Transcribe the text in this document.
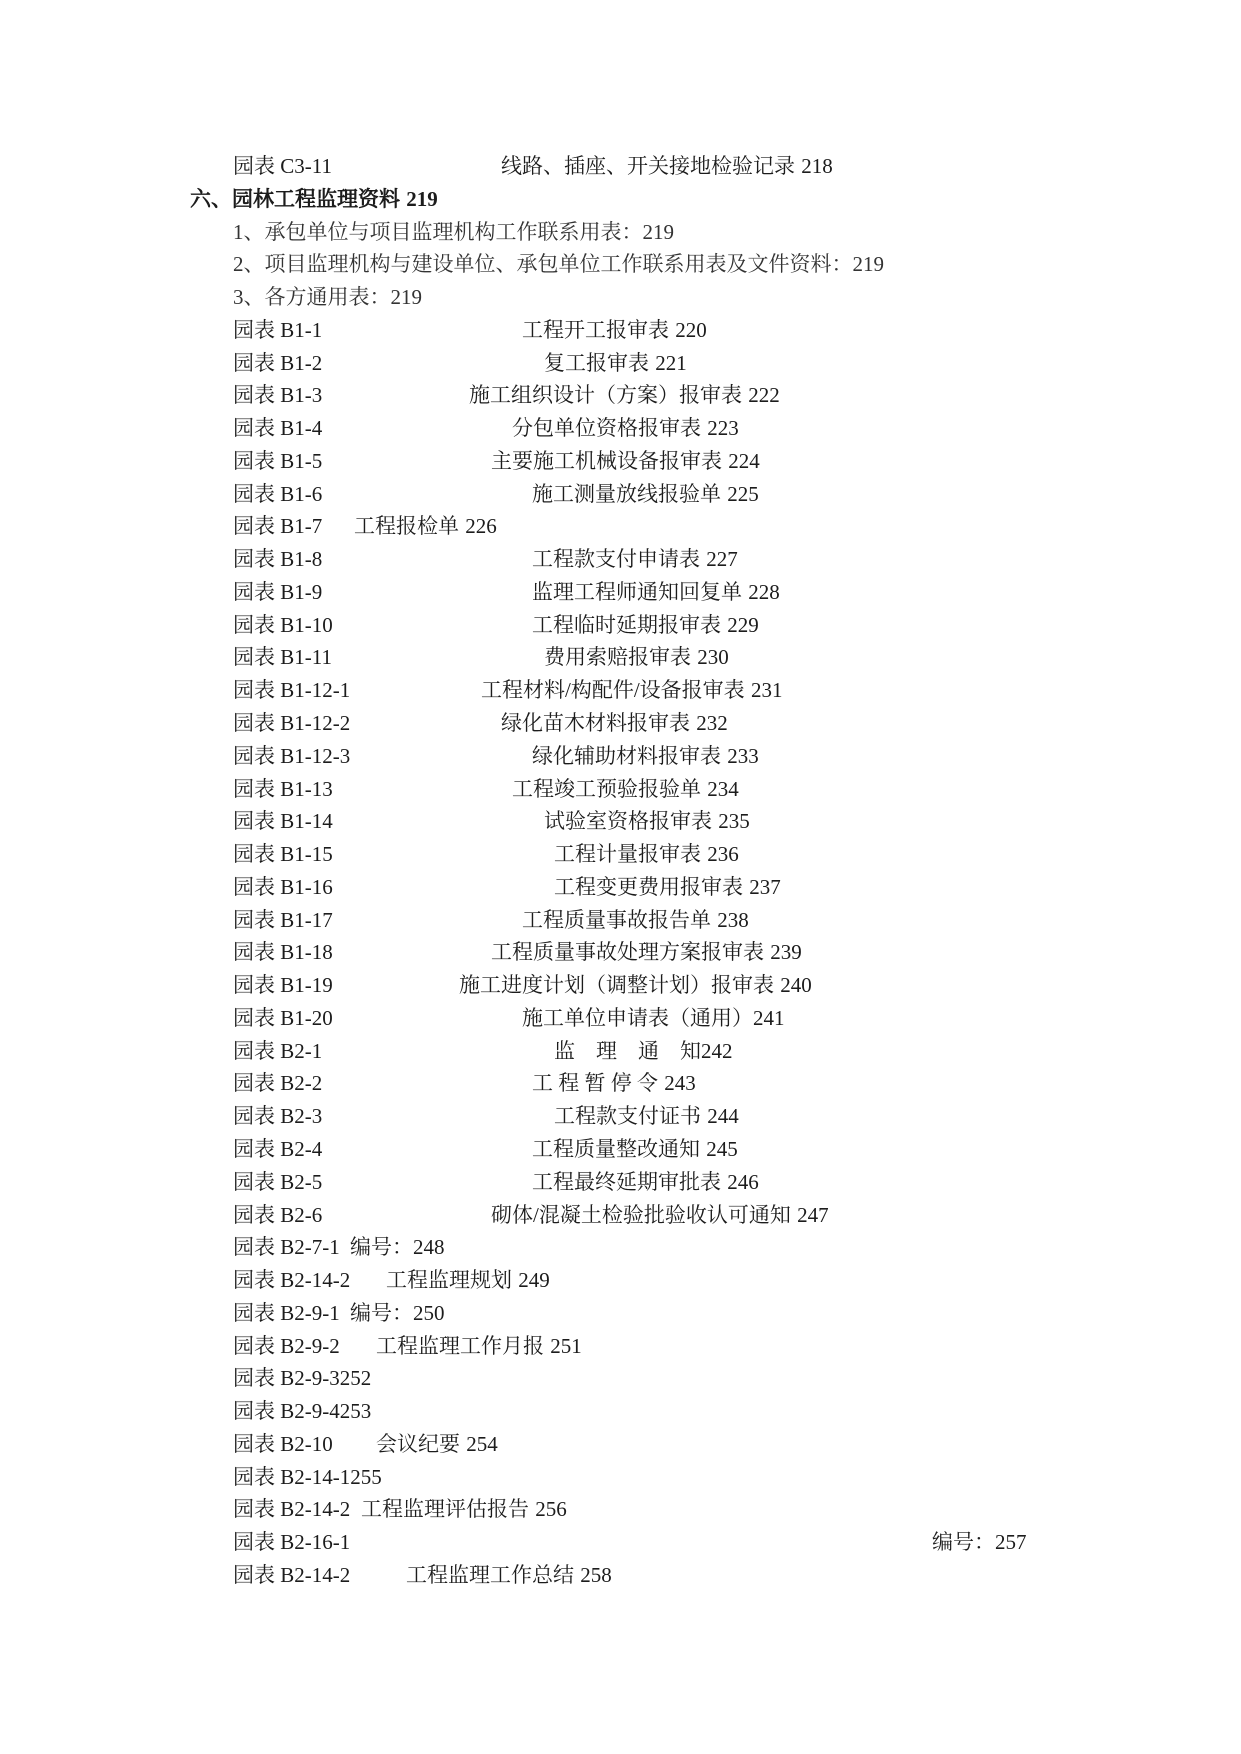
园表 C3-11	线路、插座、开关接地检验记录 218
六、园林工程监理资料 219
1、承包单位与项目监理机构工作联系用表： 219
2、项目监理机构与建设单位、承包单位工作联系用表及文件资料： 219
3、各方通用表： 219
园表 B1-1	工程开工报审表 220
园表 B1-2	复工报审表 221
园表 B1-3	施工组织设计（方案）报审表 222
园表 B1-4	分包单位资格报审表 223
园表 B1-5	主要施工机械设备报审表 224
园表 B1-6	施工测量放线报验单 225
园表 B1-7 工程报检单 226
园表 B1-8	工程款支付申请表 227
园表 B1-9	监理工程师通知回复单 228
园表 B1-10	工程临时延期报审表 229
园表 B1-11	费用索赔报审表 230
园表 B1-12-1	工程材料/构配件/设备报审表 231
园表 B1-12-2	绿化苗木材料报审表 232
园表 B1-12-3	绿化辅助材料报审表 233
园表 B1-13	工程竣工预验报验单 234
园表 B1-14	试验室资格报审表 235
园表 B1-15	工程计量报审表 236
园表 B1-16	工程变更费用报审表 237
园表 B1-17	工程质量事故报告单 238
园表 B1-18	工程质量事故处理方案报审表 239
园表 B1-19	施工进度计划（调整计划）报审表 240
园表 B1-20	施工单位申请表（通用） 241
园表 B2-1	监　理　通　知 242
园表 B2-2	工 程 暂 停 令 243
园表 B2-3	工程款支付证书 244
园表 B2-4	工程质量整改通知 245
园表 B2-5	工程最终延期审批表 246
园表 B2-6	砌体/混凝土检验批验收认可通知 247
园表 B2-7-1 编号： 248
园表 B2-14-2 工程监理规划 249
园表 B2-9-1 编号： 250
园表 B2-9-2 工程监理工作月报 251
园表 B2-9-3 252
园表 B2-9-4 253
园表 B2-10 会议纪要 254
园表 B2-14-1 255
园表 B2-14-2 工程监理评估报告 256
园表 B2-16-1	编号： 257
园表 B2-14-2	工程监理工作总结 258
